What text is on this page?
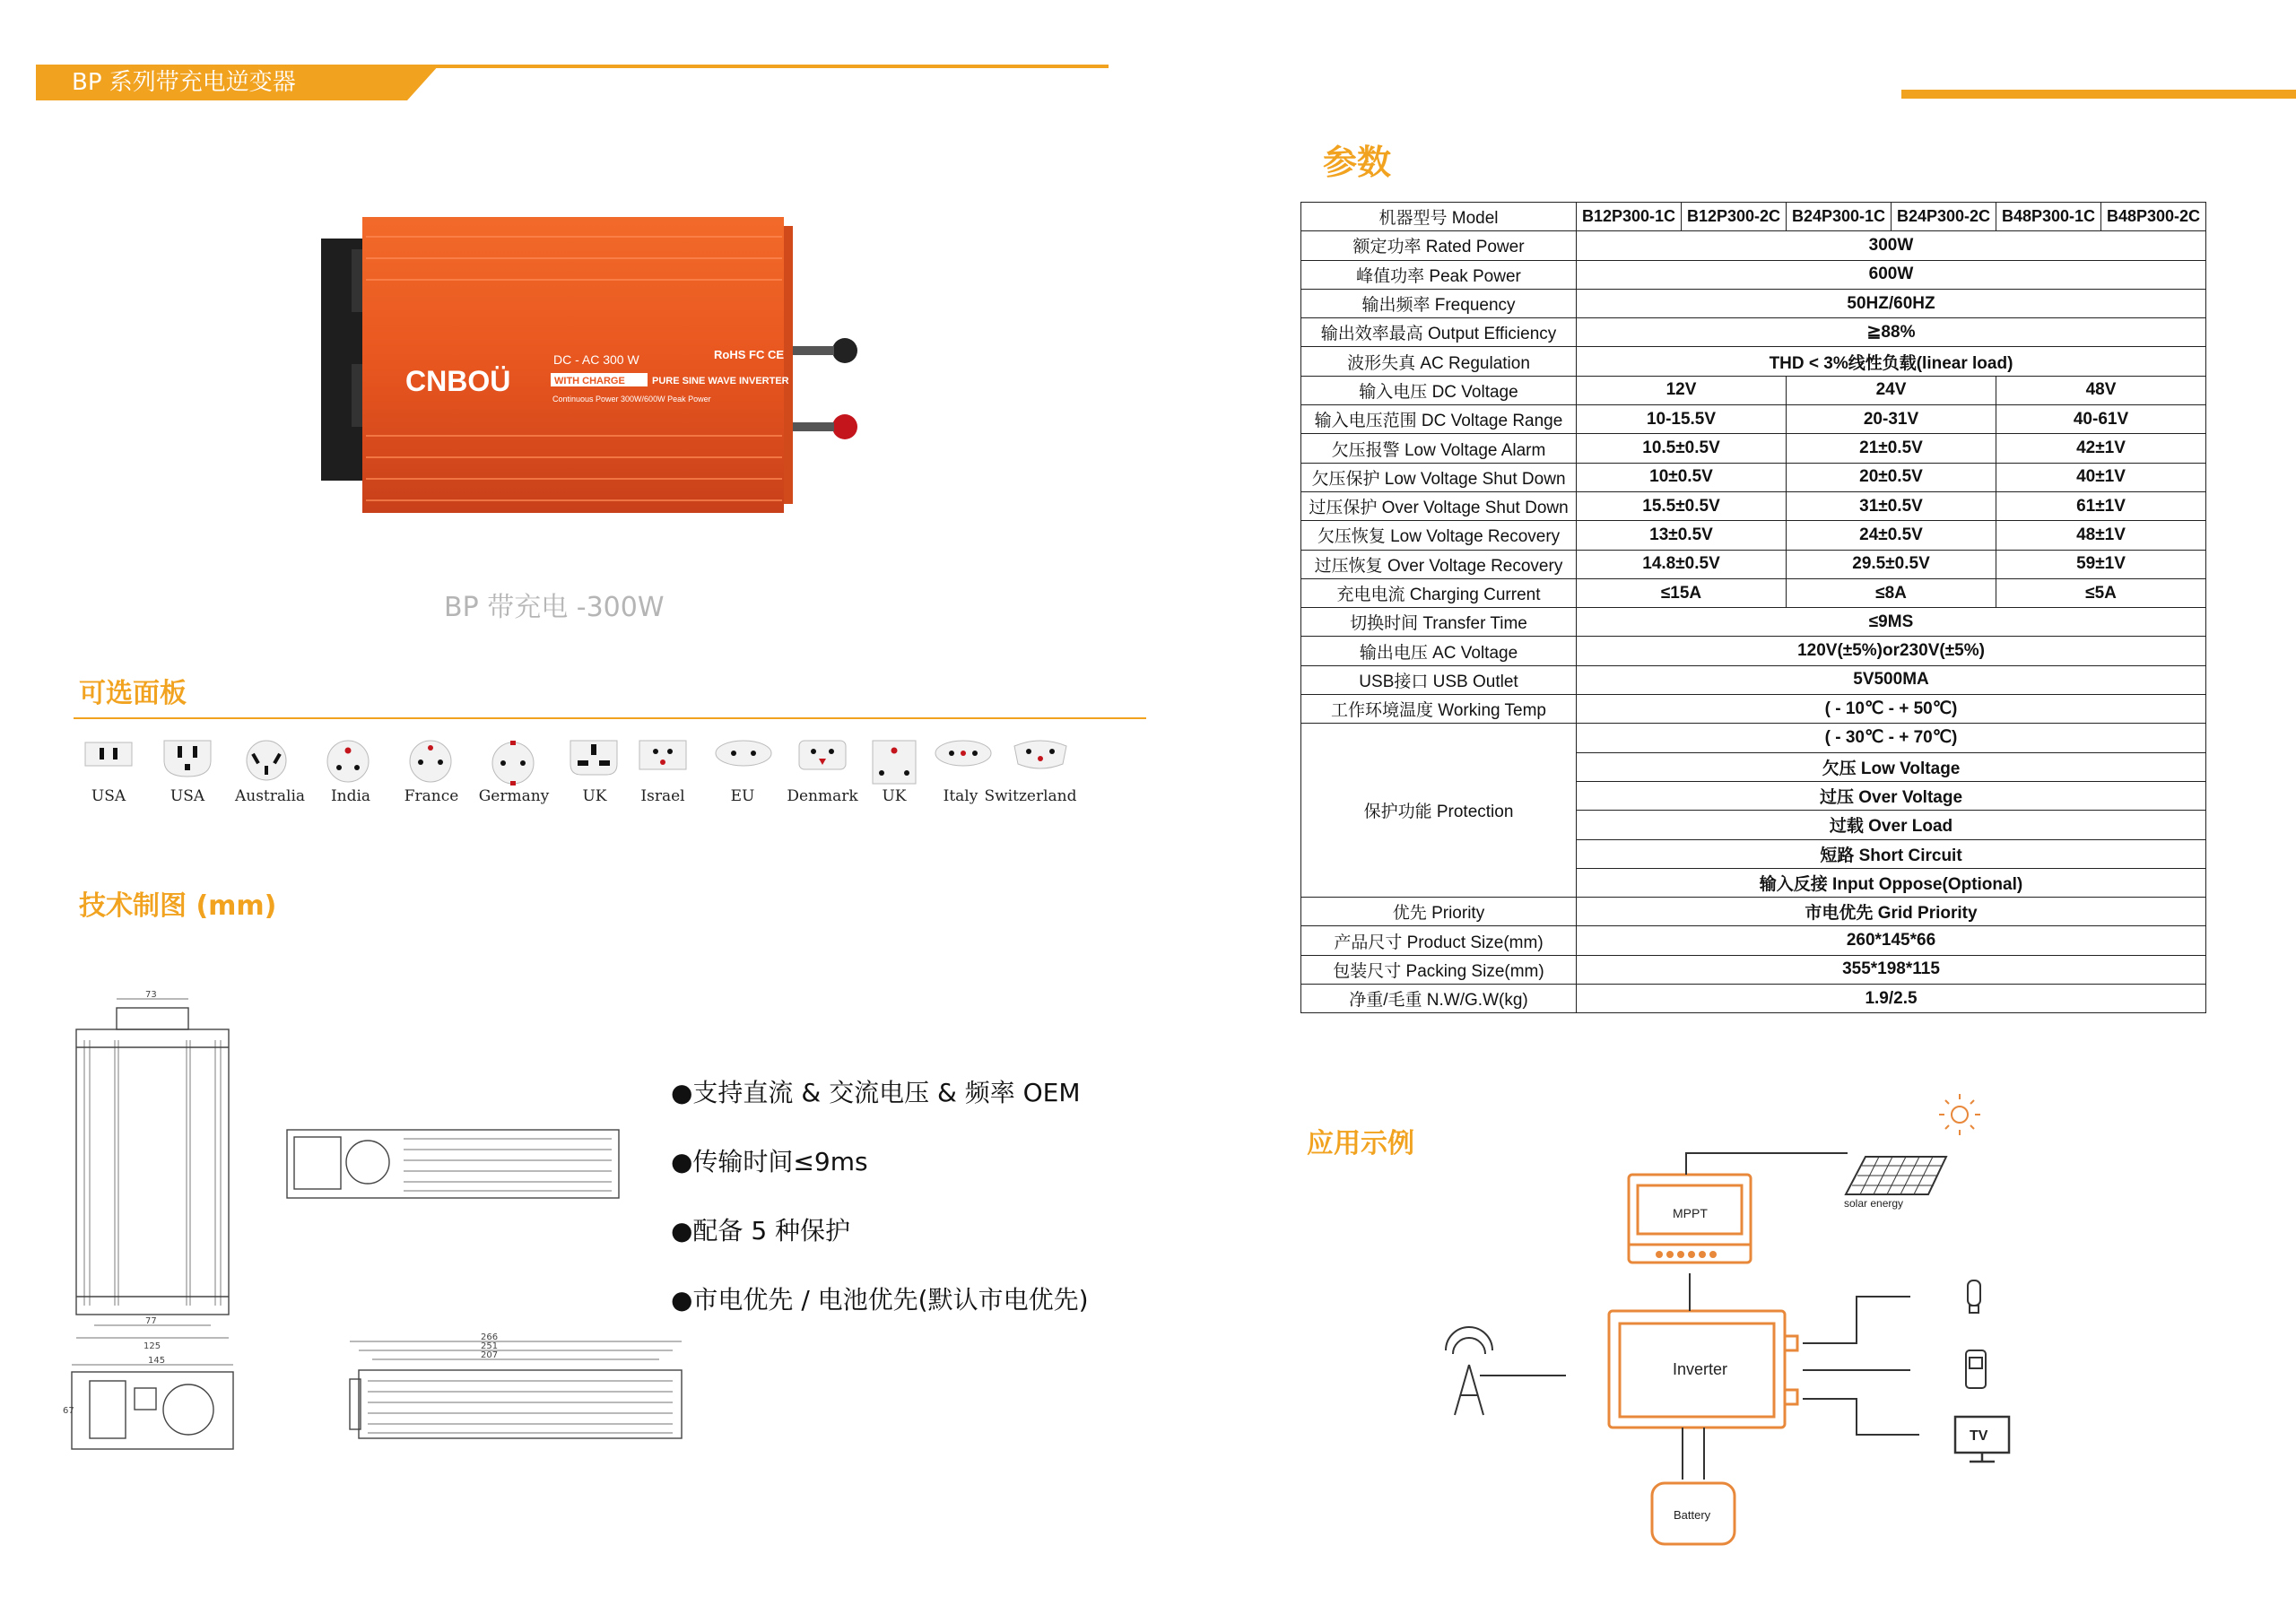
BP 系列带充电逆变器
CNBOÜ
DC - AC 300 W	RoHS FC CE
WITH CHARGE	PURE SINE WAVE INVERTER
Continuous Power 300W/600W Peak Power
BP 带充电 -300W
可选面板
USA	USA	Australia	India	France	Germany	UK	Israel	EU	Denmark	UK	Italy Switzerland
技术制图 (mm)
73
77
125
145
67
266
251
207
●支持直流 & 交流电压 & 频率 OEM
●传输时间≤9ms
●配备 5 种保护
●市电优先 / 电池优先(默认市电优先)
参数
机器型号 Model	B12P300-1C	B12P300-2C	B24P300-1C	B24P300-2C	B48P300-1C	B48P300-2C
额定功率 Rated Power	300W					
峰值功率 Peak Power	600W					
输出频率 Frequency	50HZ/60HZ					
输出效率最高 Output Efficiency	≧88%					
波形失真 AC Regulation	THD < 3%线性负载(linear load)					
输入电压 DC Voltage	12V		24V		48V	
输入电压范围 DC Voltage Range	10-15.5V		20-31V		40-61V	
欠压报警 Low Voltage Alarm	10.5±0.5V		21±0.5V		42±1V	
欠压保护 Low Voltage Shut Down	10±0.5V		20±0.5V		40±1V	
过压保护 Over Voltage Shut Down	15.5±0.5V		31±0.5V		61±1V	
欠压恢复 Low Voltage Recovery	13±0.5V		24±0.5V		48±1V	
过压恢复 Over Voltage Recovery	14.8±0.5V		29.5±0.5V		59±1V	
充电电流 Charging Current	≤15A		≤8A		≤5A	
切换时间 Transfer Time	≤9MS					
输出电压 AC Voltage	120V(±5%)or230V(±5%)					
USB接口 USB Outlet	5V500MA					
工作环境温度 Working Temp	( - 10℃ - + 50℃)					
保护功能 Protection	( - 30℃ - + 70℃)					
	欠压 Low Voltage					
	过压 Over Voltage					
	过载 Over Load					
	短路 Short Circuit					
	输入反接 Input Oppose(Optional)					
优先 Priority	市电优先 Grid Priority					
产品尺寸 Product Size(mm)	260*145*66					
包装尺寸 Packing Size(mm)	355*198*115					
净重/毛重 N.W/G.W(kg)	1.9/2.5					
应用示例
MPPT
Inverter
Battery
solar energy
TV
